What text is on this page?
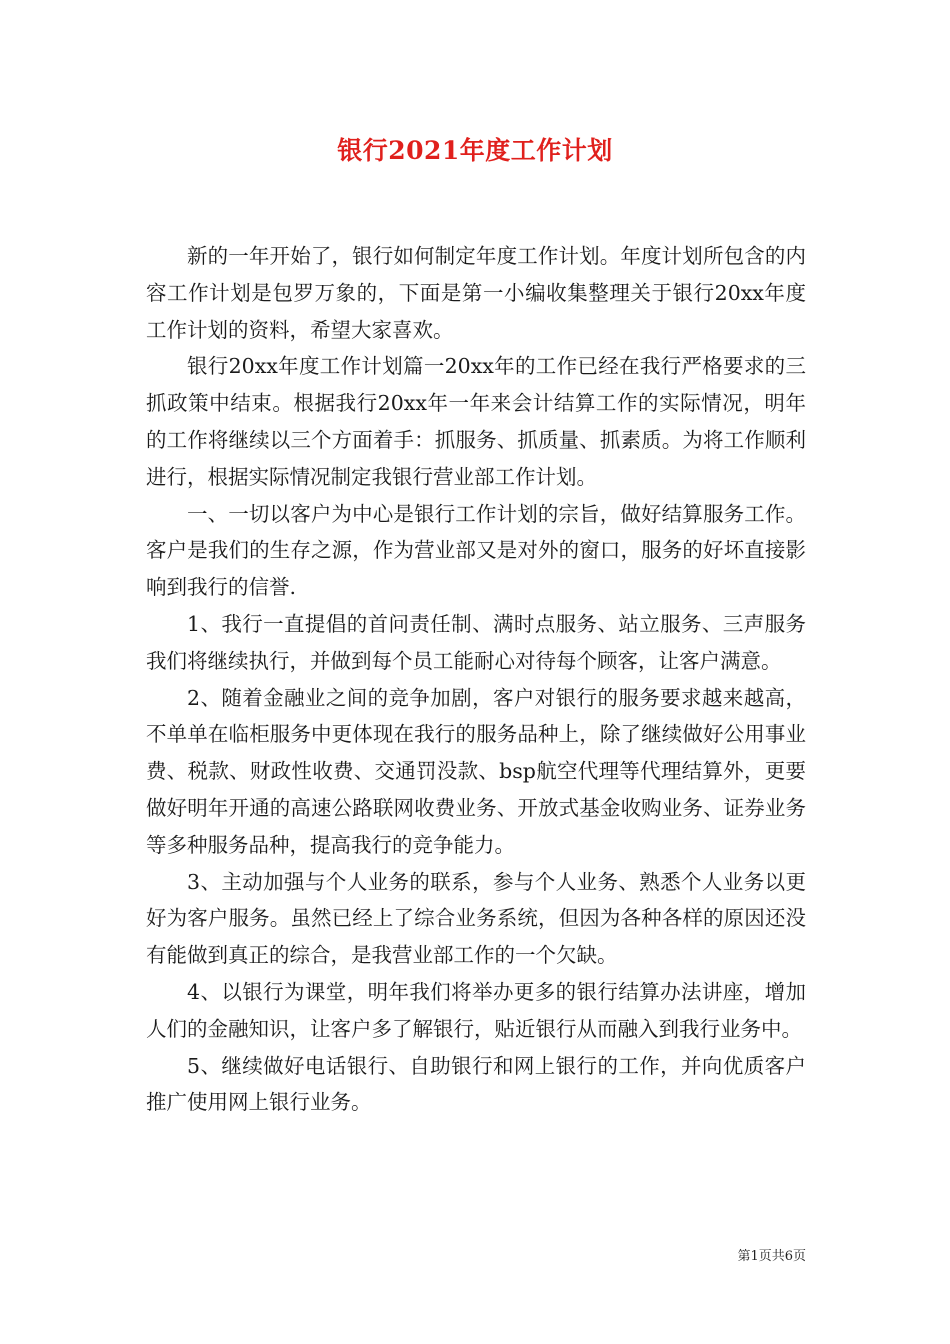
银行2021年度工作计划

新的一年开始了，银行如何制定年度工作计划。年度计划所包含的内容工作计划是包罗万象的，下面是第一小编收集整理关于银行20xx年度工作计划的资料，希望大家喜欢。

银行20xx年度工作计划篇一20xx年的工作已经在我行严格要求的三抓政策中结束。根据我行20xx年一年来会计结算工作的实际情况，明年的工作将继续以三个方面着手：抓服务、抓质量、抓素质。为将工作顺利进行，根据实际情况制定我银行营业部工作计划。

一、一切以客户为中心是银行工作计划的宗旨，做好结算服务工作。客户是我们的生存之源，作为营业部又是对外的窗口，服务的好坏直接影响到我行的信誉.

1、我行一直提倡的首问责任制、满时点服务、站立服务、三声服务我们将继续执行，并做到每个员工能耐心对待每个顾客，让客户满意。

2、随着金融业之间的竞争加剧，客户对银行的服务要求越来越高，不单单在临柜服务中更体现在我行的服务品种上，除了继续做好公用事业费、税款、财政性收费、交通罚没款、bsp航空代理等代理结算外，更要做好明年开通的高速公路联网收费业务、开放式基金收购业务、证券业务等多种服务品种，提高我行的竞争能力。

3、主动加强与个人业务的联系，参与个人业务、熟悉个人业务以更好为客户服务。虽然已经上了综合业务系统，但因为各种各样的原因还没有能做到真正的综合，是我营业部工作的一个欠缺。

4、以银行为课堂，明年我们将举办更多的银行结算办法讲座，增加人们的金融知识，让客户多了解银行，贴近银行从而融入到我行业务中。

5、继续做好电话银行、自助银行和网上银行的工作，并向优质客户推广使用网上银行业务。

第1页共6页
